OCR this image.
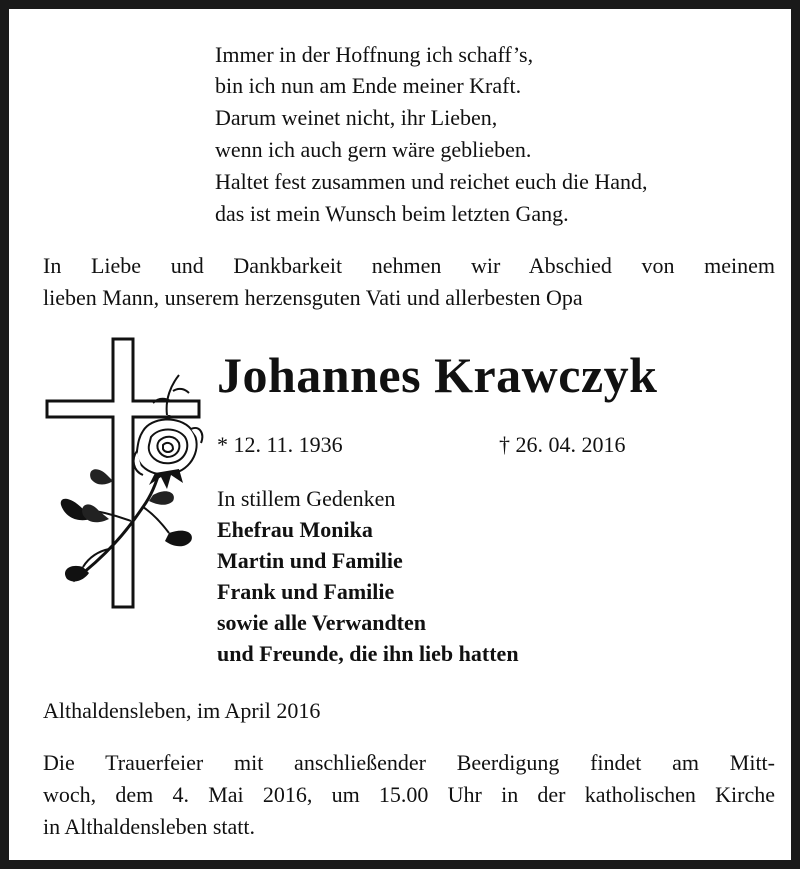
Immer in der Hoffnung ich schaff’s,
bin ich nun am Ende meiner Kraft.
Darum weinet nicht, ihr Lieben,
wenn ich auch gern wäre geblieben.
Haltet fest zusammen und reichet euch die Hand,
das ist mein Wunsch beim letzten Gang.
In Liebe und Dankbarkeit nehmen wir Abschied von meinem
lieben Mann, unserem herzensguten Vati und allerbesten Opa
Johannes Krawczyk
* 12. 11. 1936	† 26. 04. 2016
In stillem Gedenken
Ehefrau Monika
Martin und Familie
Frank und Familie
sowie alle Verwandten
und Freunde, die ihn lieb hatten
Althaldensleben, im April 2016
Die Trauerfeier mit anschließender Beerdigung findet am Mitt-
woch, dem 4. Mai 2016, um 15.00 Uhr in der katholischen Kirche
in Althaldensleben statt.
